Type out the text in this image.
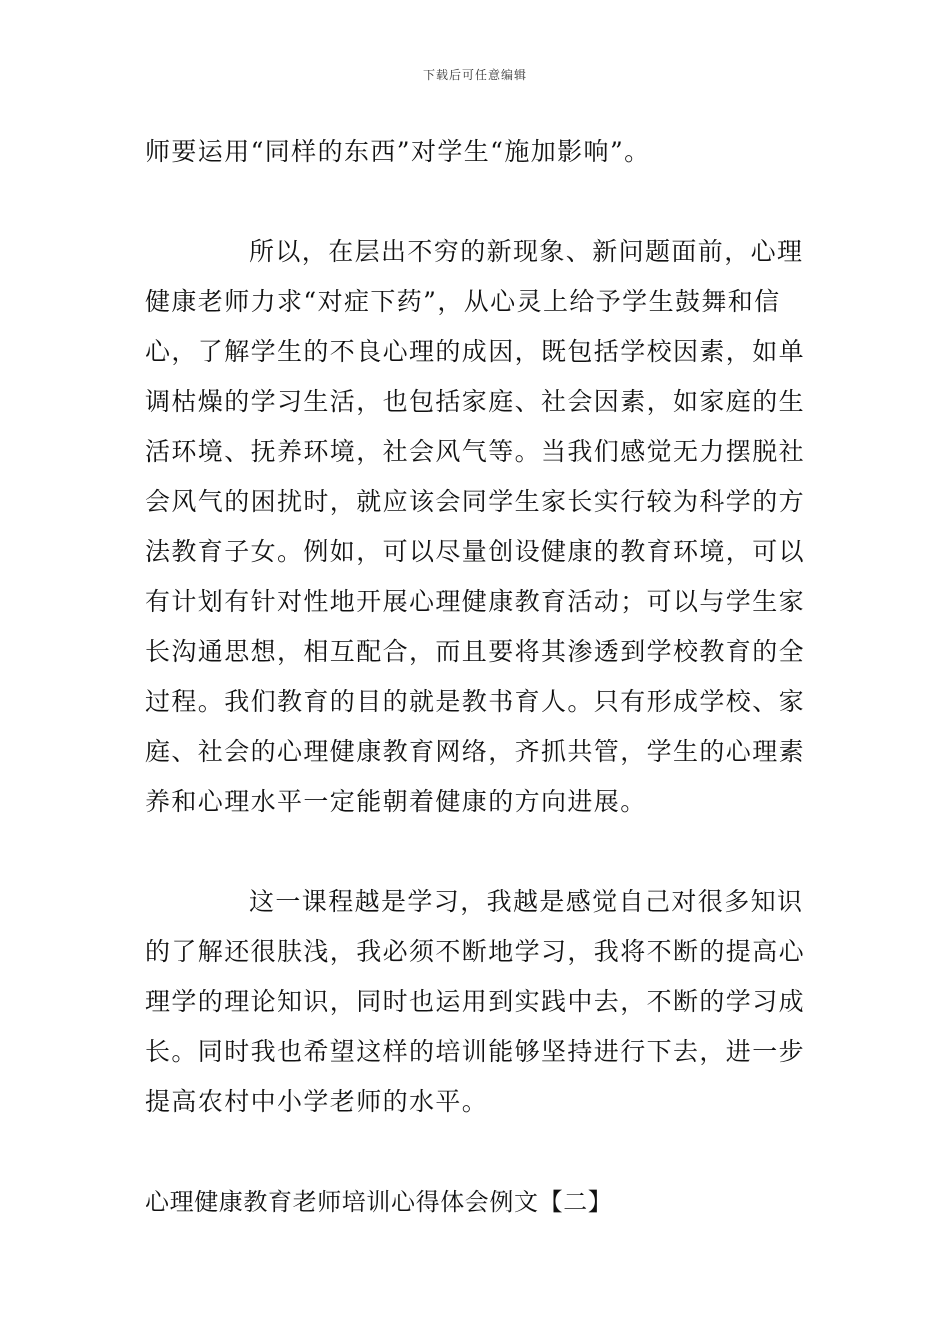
下载后可任意编辑
师要运用“同样的东西”对学生“施加影响”。
所以，在层出不穷的新现象、新问题面前，心理
健康老师力求“对症下药”，从心灵上给予学生鼓舞和信
心，了解学生的不良心理的成因，既包括学校因素，如单
调枯燥的学习生活，也包括家庭、社会因素，如家庭的生
活环境、抚养环境，社会风气等。当我们感觉无力摆脱社
会风气的困扰时，就应该会同学生家长实行较为科学的方
法教育子女。例如，可以尽量创设健康的教育环境，可以
有计划有针对性地开展心理健康教育活动；可以与学生家
长沟通思想，相互配合，而且要将其渗透到学校教育的全
过程。我们教育的目的就是教书育人。只有形成学校、家
庭、社会的心理健康教育网络，齐抓共管，学生的心理素
养和心理水平一定能朝着健康的方向进展。
这一课程越是学习，我越是感觉自己对很多知识
的了解还很肤浅，我必须不断地学习，我将不断的提高心
理学的理论知识，同时也运用到实践中去，不断的学习成
长。同时我也希望这样的培训能够坚持进行下去，进一步
提高农村中小学老师的水平。
心理健康教育老师培训心得体会例文【二】
